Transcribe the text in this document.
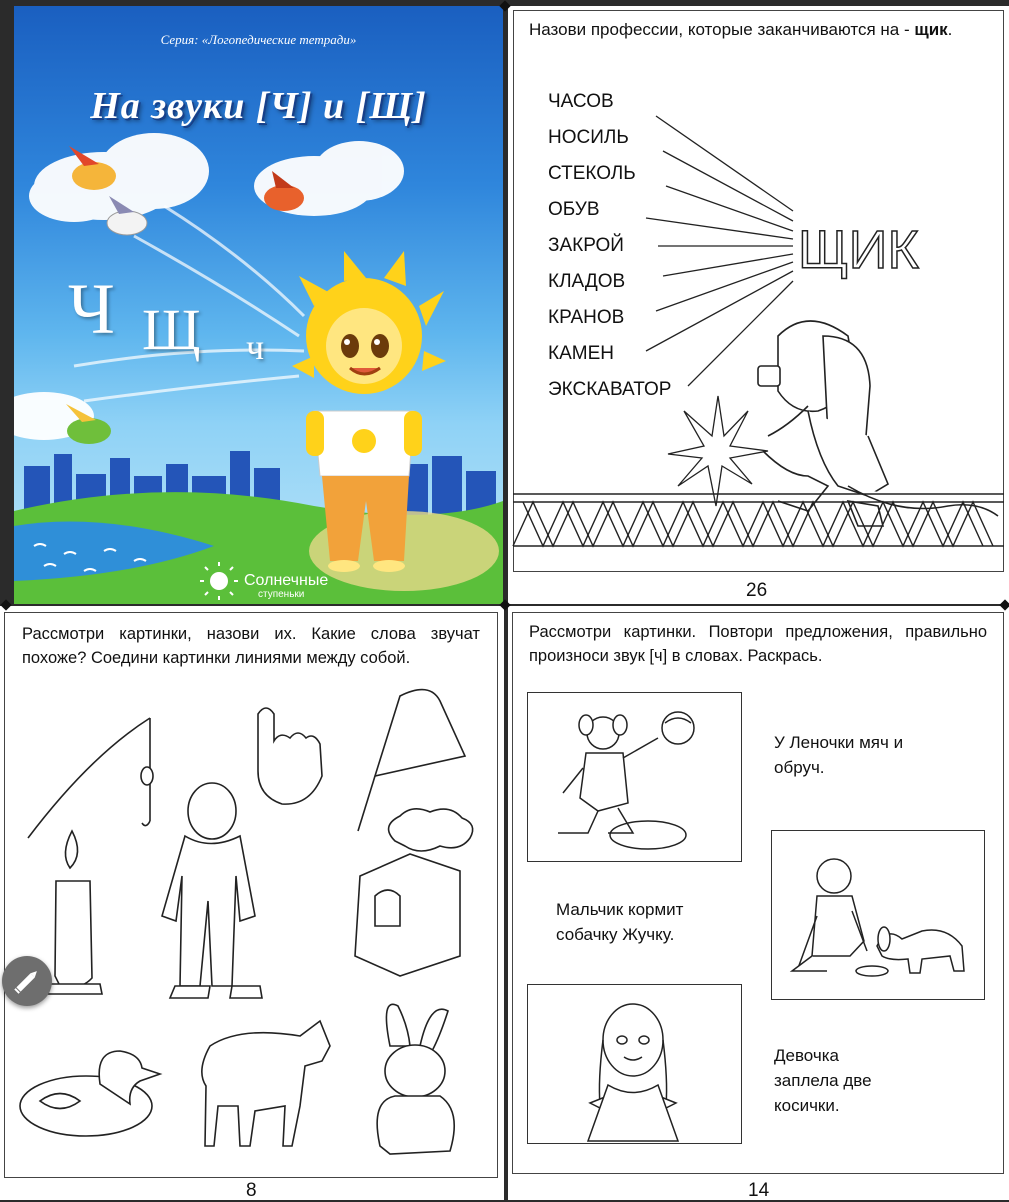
Серия: «Логопедические тетради»
На звуки [Ч] и [Щ]
Ч Щ ч
Солнечные
ступеньки
Назови профессии, которые заканчиваются на - щик.
ЧАСОВ
НОСИЛЬ
СТЕКОЛЬ
ОБУВ
ЗАКРОЙ
КЛАДОВ
КРАНОВ
КАМЕН
ЭКСКАВАТОР
ЩИК
26
Рассмотри картинки, назови их. Какие слова звучат похоже? Соедини картинки линиями между собой.
8
Рассмотри картинки. Повтори предложения, правильно произноси звук [ч] в словах. Раскрась.
У Леночки мяч и обруч.
Мальчик кормит собачку Жучку.
Девочка заплела две косички.
14
